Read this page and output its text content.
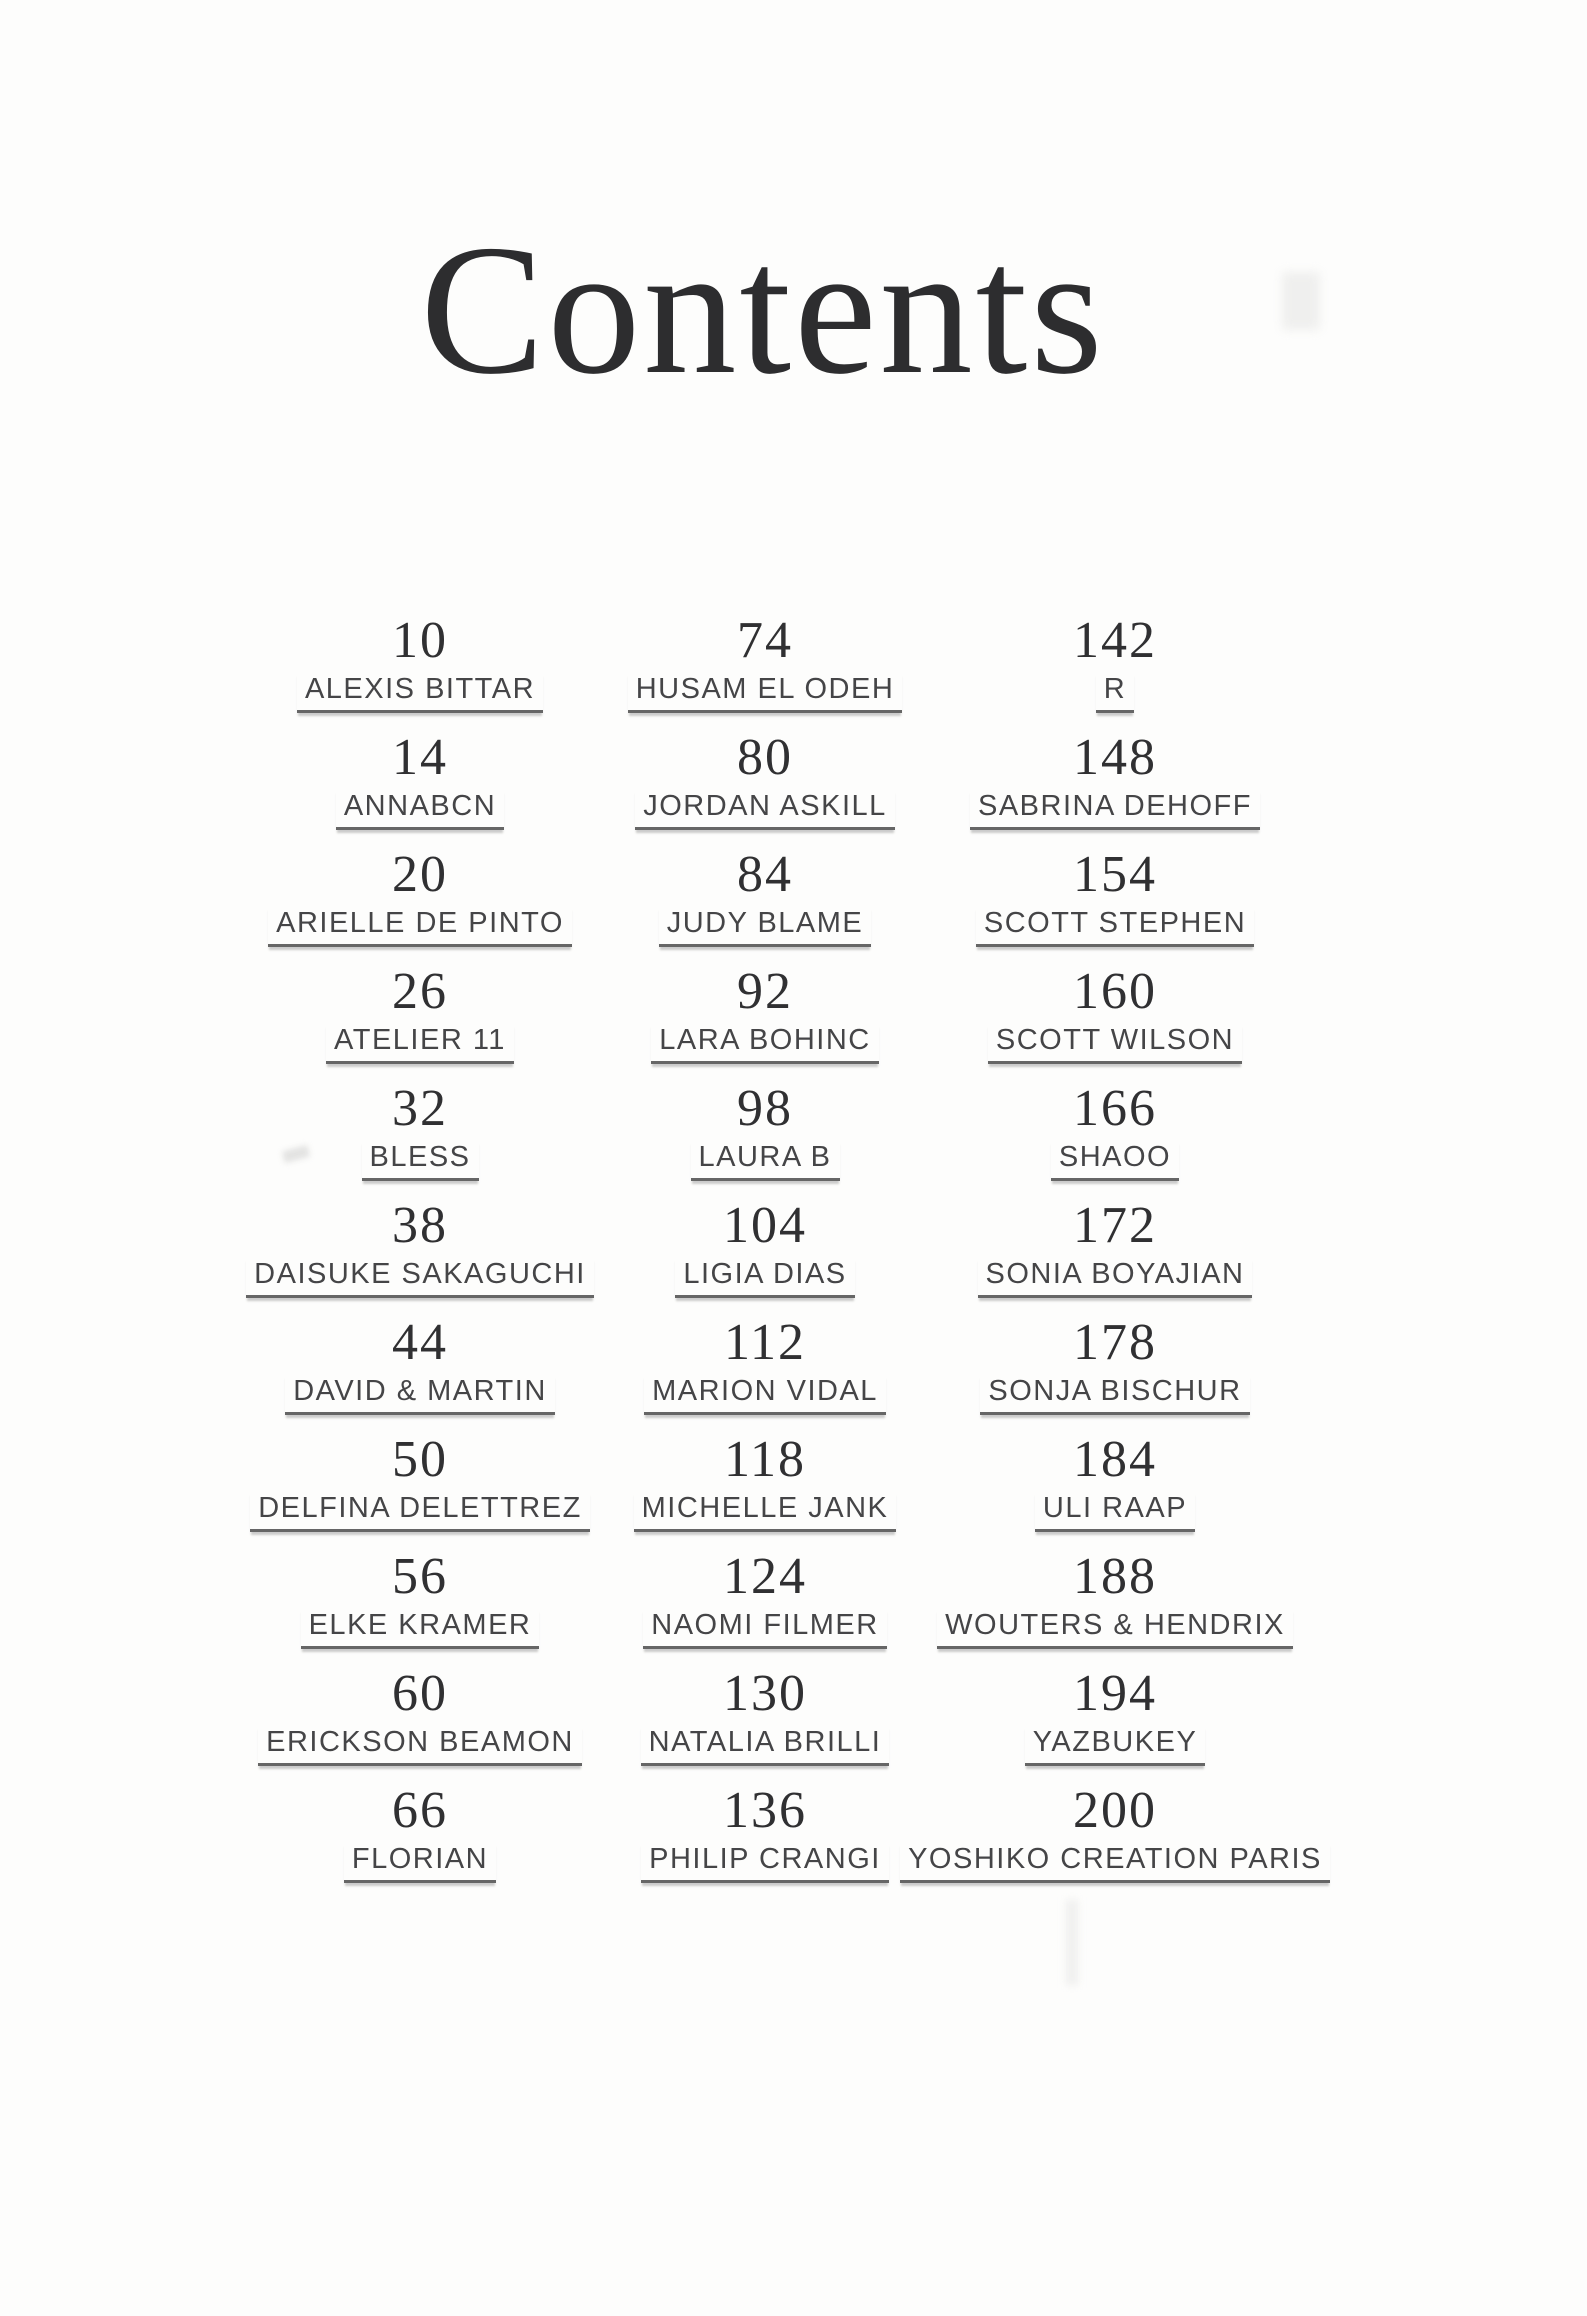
Contents
10
ALEXIS BITTAR
14
ANNABCN
20
ARIELLE DE PINTO
26
ATELIER 11
32
BLESS
38
DAISUKE SAKAGUCHI
44
DAVID & MARTIN
50
DELFINA DELETTREZ
56
ELKE KRAMER
60
ERICKSON BEAMON
66
FLORIAN
74
HUSAM EL ODEH
80
JORDAN ASKILL
84
JUDY BLAME
92
LARA BOHINC
98
LAURA B
104
LIGIA DIAS
112
MARION VIDAL
118
MICHELLE JANK
124
NAOMI FILMER
130
NATALIA BRILLI
136
PHILIP CRANGI
142
R
148
SABRINA DEHOFF
154
SCOTT STEPHEN
160
SCOTT WILSON
166
SHAOO
172
SONIA BOYAJIAN
178
SONJA BISCHUR
184
ULI RAAP
188
WOUTERS & HENDRIX
194
YAZBUKEY
200
YOSHIKO CREATION PARIS
